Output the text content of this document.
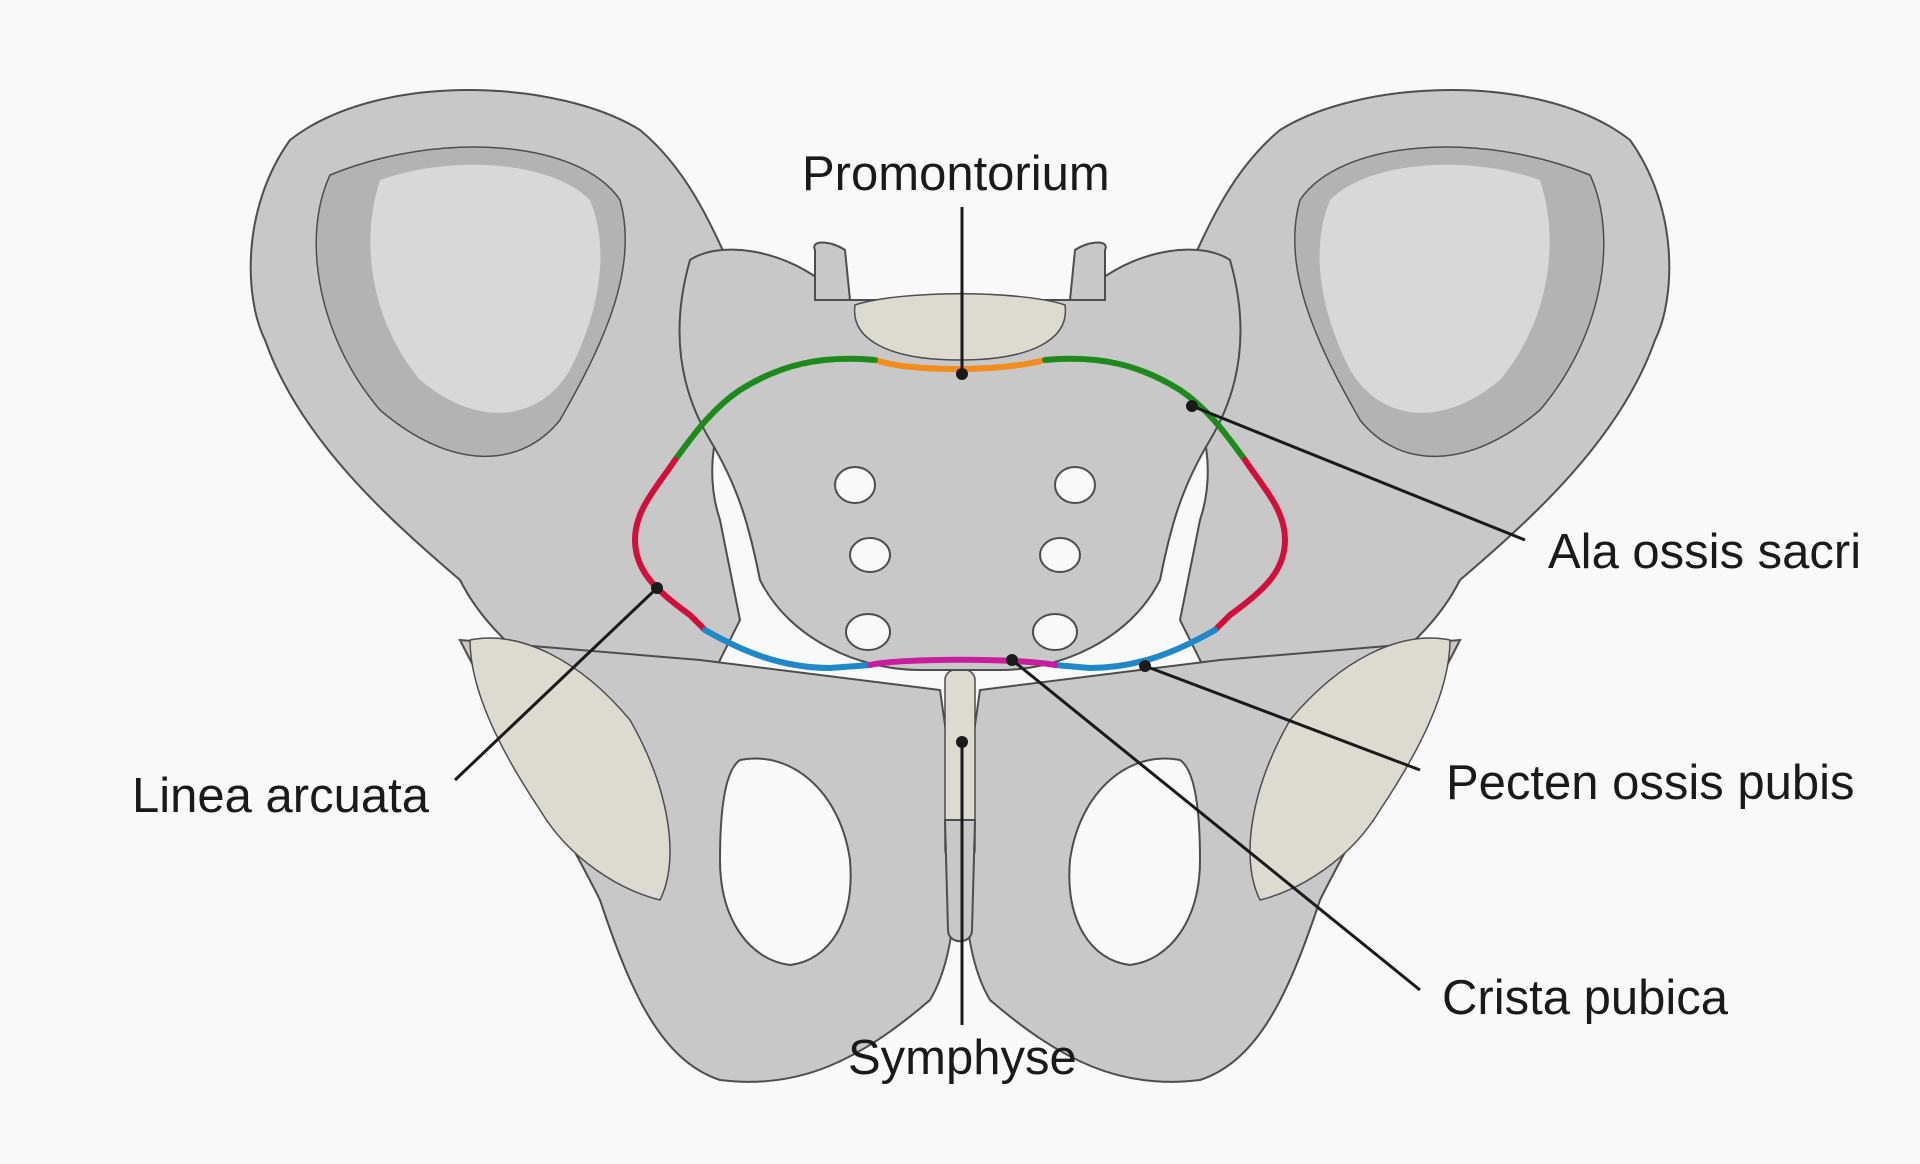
Promontorium
Ala ossis sacri
Linea arcuata	Pecten ossis pubis
Crista pubica
Symphyse
